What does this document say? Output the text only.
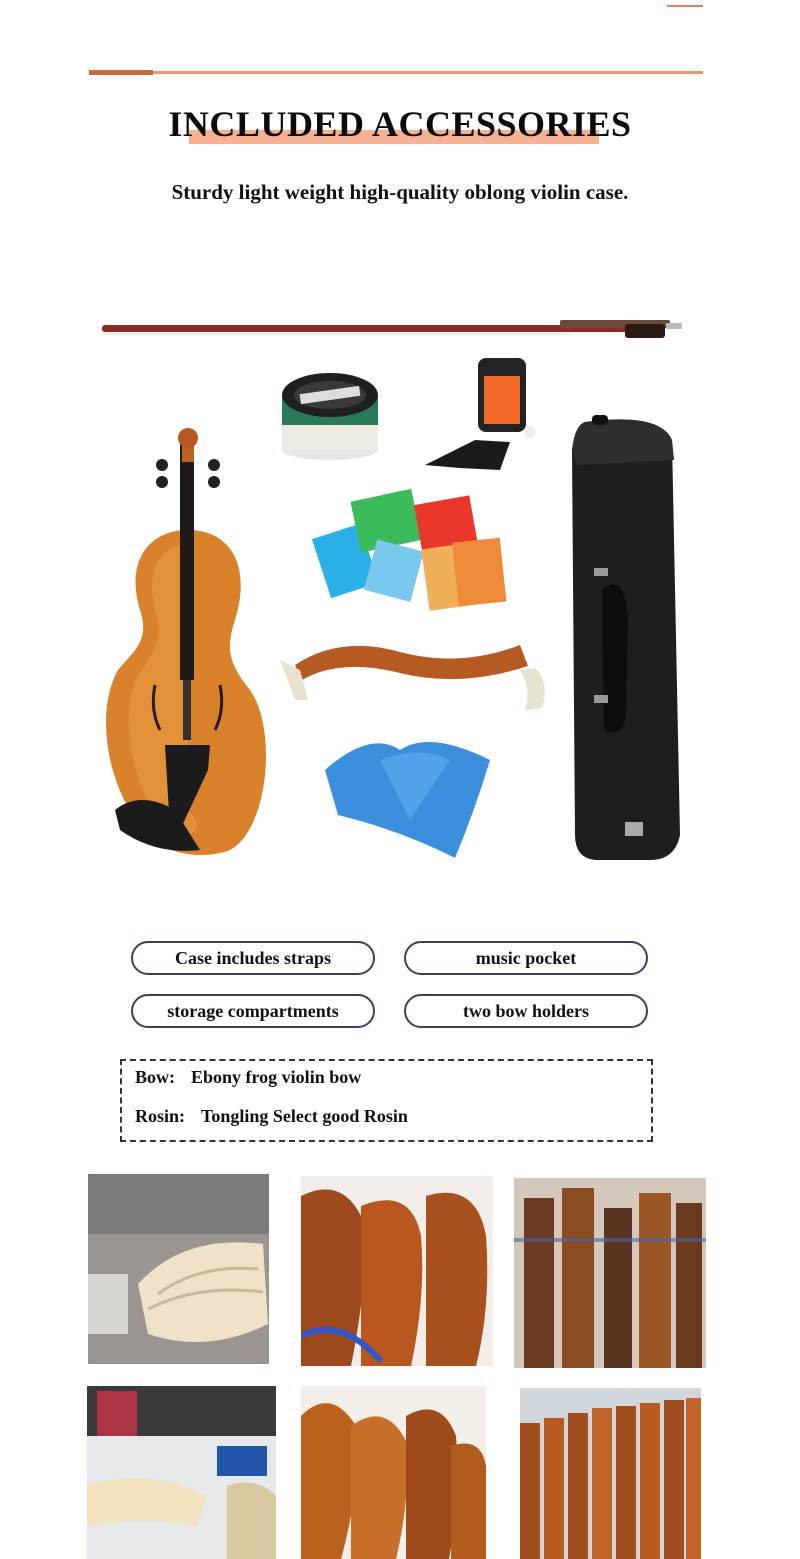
INCLUDED ACCESSORIES
Sturdy light weight high-quality oblong violin case.
Case includes straps	music pocket
storage compartments	two bow holders
Bow: Ebony frog violin bow
Rosin: Tongling Select good Rosin
